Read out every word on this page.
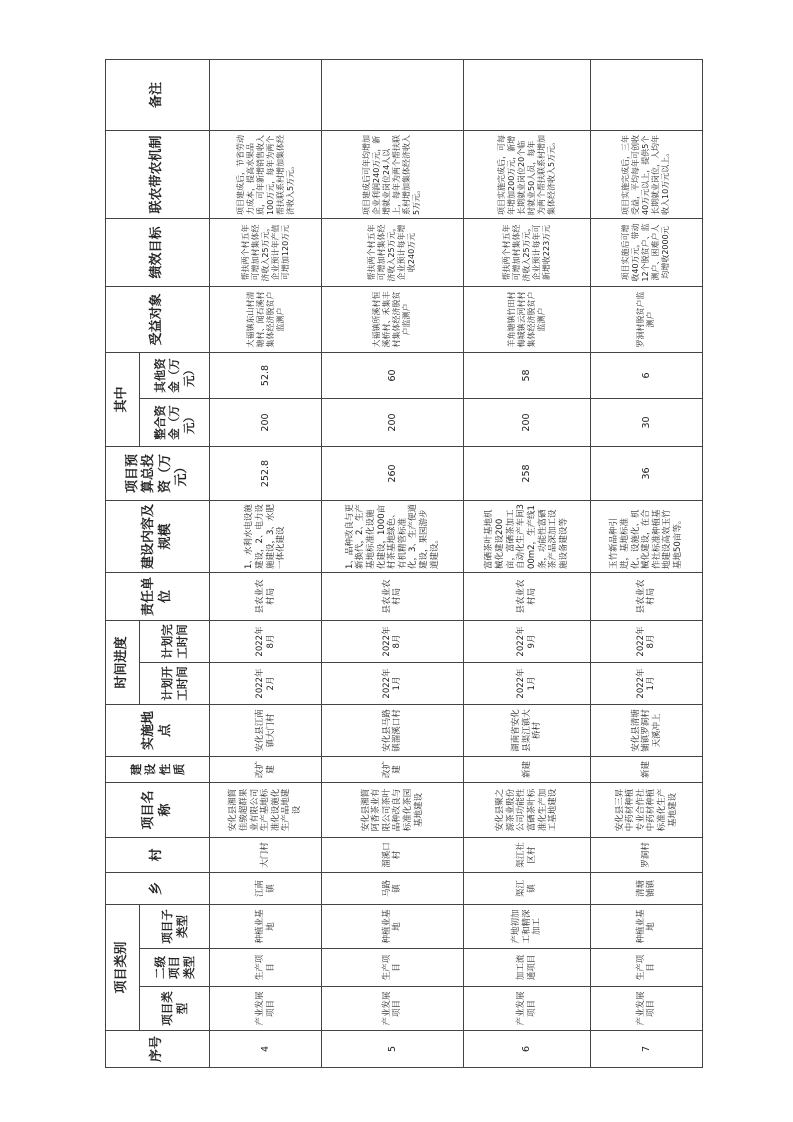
序号	项目类别			乡	村	项目名称	建设性质	实施地点	时间进度		责任单位	建设内容及规模	项目预算总投资（万元）	其中		受益对象	绩效目标	联农带农机制	备注
	项目类型	二级项目类型	项目子类型						计划开工时间	计划完工时间				整合资金（万元）	其他资金（万元）				
4	产业发展项目	生产项目	种植业基地	江南镇	大门村	安化县湘简佳骏超群果业有限公司生产基地标准化设施化生产品地建设	改扩建	安化县江南镇大门村	2022年2月	2022年8月	县农业农村局	1、水利水电设施建设，2、电力设施建设，3、水肥一体化建设	252.8	200	52.8	大福镇东山村清塘村、闻石溪村集体经济脱贫户监测户	帮扶两个村五年可增加村集体经济收入25万元，企业预计年产值可增加120万元	项目建成后，节省劳动力成本，提高水果品质，可年新增销售收入100万元，每年为两个帮扶联系村增加集体经济收入5万元。	
5	产业发展项目	生产项目	种植业基地	马路镇	溜溪口村	安化县湘简阿香茶业有限公司茶叶品种改良与标准化茶园基地建设	改扩建	安化县马路镇溜溪口村	2022年1月	2022年8月	县农业农村局	1、品种改良与更新换代，2、生产基地标准化设施化建设，1000亩村茶基地绿色、有机精管标准化，3、生产便道建设，果园游步道建设。	260	200	60	大福镇所溪村恒溪桥村、禾集丰村集体经济脱贫户监测户	帮扶两个村五年可增加村集体经济收入25万元，企业预计每年增收240万元	项目建成后可年均增加企业利润240万元，新增就业岗位24人以上，每年为两个帮扶联系村增加集体经济收入5万元。	
6	产业发展项目	加工流通项目	产地初加工和精深加工	渠江镇	渠江社区村	安化县聚之源茶业股份公司功能性富硒茶叶标准化生产加工基地建设	新建	湖南省安化县渠江镇大桥村	2022年1月	2022年9月	县农业农村局	富硒茶叶基地机械化建设200亩，富硒茶加工自动化生产车间300m2，生产线1条，功能性富硒茶产品深加工设施设备建设等	258	200	58	羊角塘镇竹田村梅城镇云河村村集体经济脱贫户监测户	帮扶两个村五年可增加村集体经济收入25万元，企业预计每年可新增收223万元	项目实施完成后，可每年增加200万元，新增长期就业岗位20个临时就业50人员，每年为两个帮扶联系村增加集体经济收入5万元。	
7	产业发展项目	生产项目	种植业基地	清塘铺镇	罗洞村	安化县三昇中药材种植专业合作社中药材种植标准化生产基地建设	新建	安化县清塘铺镇罗洞村天溪冲上	2022年1月	2022年8月	县农业农村局	玉竹新品种引进，基地标准化、设施化、机械化建设，在合作社标准种植基地建设高效玉竹基地50亩等。	36	30	6	罗洞村脱贫户监测户	项目实施后可增收40万元，带动12个脱贫户、监测户、困难户人均增收2000元	项目实施完成后，三年受益，平均每年可创收40万元以上，提供5个长期就业岗位，人均年收入10万元以上。	
